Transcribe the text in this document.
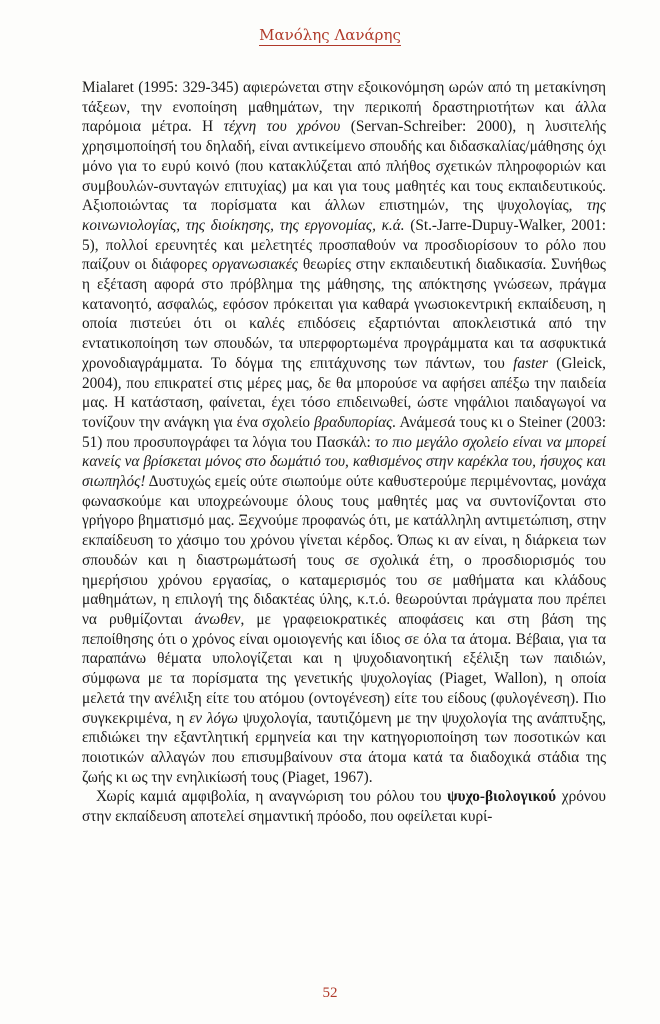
Μανόλης Λανάρης

Mialaret (1995: 329-345) αφιερώνεται στην εξοικονόμηση ωρών από τη μετακίνηση τάξεων, την ενοποίηση μαθημάτων, την περικοπή δραστηριοτήτων και άλλα παρόμοια μέτρα. Η τέχνη του χρόνου (Servan-Schreiber: 2000), η λυσιτελής χρησιμοποίησή του δηλαδή, είναι αντικείμενο σπουδής και διδασκαλίας/μάθησης όχι μόνο για το ευρύ κοινό (που κατακλύζεται από πλήθος σχετικών πληροφοριών και συμβουλών-συνταγών επιτυχίας) μα και για τους μαθητές και τους εκπαιδευτικούς. Αξιοποιώντας τα πορίσματα και άλλων επιστημών, της ψυχολογίας, της κοινωνιολογίας, της διοίκησης, της εργονομίας, κ.ά. (St.-Jarre-Dupuy-Walker, 2001: 5), πολλοί ερευνητές και μελετητές προσπαθούν να προσδιορίσουν το ρόλο που παίζουν οι διάφορες οργανωσιακές θεωρίες στην εκπαιδευτική διαδικασία. Συνήθως η εξέταση αφορά στο πρόβλημα της μάθησης, της απόκτησης γνώσεων, πράγμα κατανοητό, ασφαλώς, εφόσον πρόκειται για καθαρά γνωσιοκεντρική εκπαίδευση, η οποία πιστεύει ότι οι καλές επιδόσεις εξαρτιόνται αποκλειστικά από την εντατικοποίηση των σπουδών, τα υπερφορτωμένα προγράμματα και τα ασφυκτικά χρονοδιαγράμματα. Το δόγμα της επιτάχυνσης των πάντων, του faster (Gleick, 2004), που επικρατεί στις μέρες μας, δε θα μπορούσε να αφήσει απέξω την παιδεία μας. Η κατάσταση, φαίνεται, έχει τόσο επιδεινωθεί, ώστε νηφάλιοι παιδαγωγοί να τονίζουν την ανάγκη για ένα σχολείο βραδυπορίας. Ανάμεσά τους κι ο Steiner (2003: 51) που προσυπογράφει τα λόγια του Πασκάλ: το πιο μεγάλο σχολείο είναι να μπορεί κανείς να βρίσκεται μόνος στο δωμάτιό του, καθισμένος στην καρέκλα του, ήσυχος και σιωπηλός! Δυστυχώς εμείς ούτε σιωπούμε ούτε καθυστερούμε περιμένοντας, μονάχα φωνασκούμε και υποχρεώνουμε όλους τους μαθητές μας να συντονίζονται στο γρήγορο βηματισμό μας. Ξεχνούμε προφανώς ότι, με κατάλληλη αντιμετώπιση, στην εκπαίδευση το χάσιμο του χρόνου γίνεται κέρδος. Όπως κι αν είναι, η διάρκεια των σπουδών και η διαστρωμάτωσή τους σε σχολικά έτη, ο προσδιορισμός του ημερήσιου χρόνου εργασίας, ο καταμερισμός του σε μαθήματα και κλάδους μαθημάτων, η επιλογή της διδακτέας ύλης, κ.τ.ό. θεωρούνται πράγματα που πρέπει να ρυθμίζονται άνωθεν, με γραφειοκρατικές αποφάσεις και στη βάση της πεποίθησης ότι ο χρόνος είναι ομοιογενής και ίδιος σε όλα τα άτομα. Βέβαια, για τα παραπάνω θέματα υπολογίζεται και η ψυχοδιανοητική εξέλιξη των παιδιών, σύμφωνα με τα πορίσματα της γενετικής ψυχολογίας (Piaget, Wallon), η οποία μελετά την ανέλιξη είτε του ατόμου (οντογένεση) είτε του είδους (φυλογένεση). Πιο συγκεκριμένα, η εν λόγω ψυχολογία, ταυτιζόμενη με την ψυχολογία της ανάπτυξης, επιδιώκει την εξαντλητική ερμηνεία και την κατηγοριοποίηση των ποσοτικών και ποιοτικών αλλαγών που επισυμβαίνουν στα άτομα κατά τα διαδοχικά στάδια της ζωής κι ως την ενηλικίωσή τους (Piaget, 1967).

Χωρίς καμιά αμφιβολία, η αναγνώριση του ρόλου του ψυχο-βιολογικού χρόνου στην εκπαίδευση αποτελεί σημαντική πρόοδο, που οφείλεται κυρί-

52
